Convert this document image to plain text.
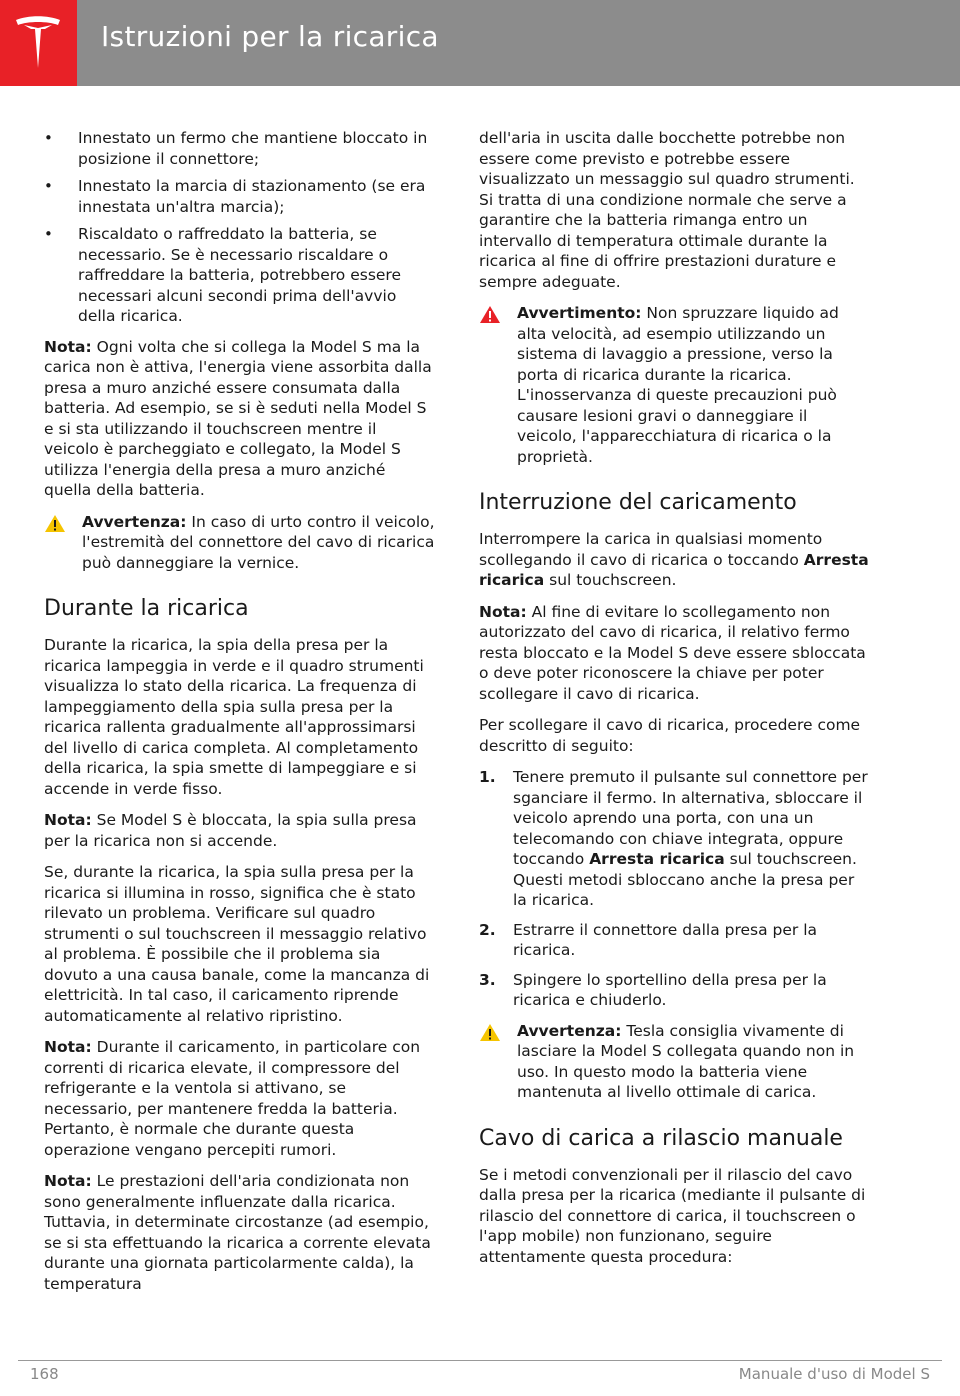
Istruzioni per la ricarica
• Innestato un fermo che mantiene bloccato in posizione il connettore;
• Innestato la marcia di stazionamento (se era innestata un'altra marcia);
• Riscaldato o raffreddato la batteria, se necessario. Se è necessario riscaldare o raffreddare la batteria, potrebbero essere necessari alcuni secondi prima dell'avvio della ricarica.

Nota: Ogni volta che si collega la Model S ma la carica non è attiva, l'energia viene assorbita dalla presa a muro anziché essere consumata dalla batteria. Ad esempio, se si è seduti nella Model S e si sta utilizzando il touchscreen mentre il veicolo è parcheggiato e collegato, la Model S utilizza l'energia della presa a muro anziché quella della batteria.

Avvertenza: In caso di urto contro il veicolo, l'estremità del connettore del cavo di ricarica può danneggiare la vernice.
Durante la ricarica

Durante la ricarica, la spia della presa per la ricarica lampeggia in verde e il quadro strumenti visualizza lo stato della ricarica. La frequenza di lampeggiamento della spia sulla presa per la ricarica rallenta gradualmente all'approssimarsi del livello di carica completa. Al completamento della ricarica, la spia smette di lampeggiare e si accende in verde fisso.

Nota: Se Model S è bloccata, la spia sulla presa per la ricarica non si accende.

Se, durante la ricarica, la spia sulla presa per la ricarica si illumina in rosso, significa che è stato rilevato un problema. Verificare sul quadro strumenti o sul touchscreen il messaggio relativo al problema. È possibile che il problema sia dovuto a una causa banale, come la mancanza di elettricità. In tal caso, il caricamento riprende automaticamente al relativo ripristino.

Nota: Durante il caricamento, in particolare con correnti di ricarica elevate, il compressore del refrigerante e la ventola si attivano, se necessario, per mantenere fredda la batteria. Pertanto, è normale che durante questa operazione vengano percepiti rumori.

Nota: Le prestazioni dell'aria condizionata non sono generalmente influenzate dalla ricarica. Tuttavia, in determinate circostanze (ad esempio, se si sta effettuando la ricarica a corrente elevata durante una giornata particolarmente calda), la temperatura

dell'aria in uscita dalle bocchette potrebbe non essere come previsto e potrebbe essere visualizzato un messaggio sul quadro strumenti. Si tratta di una condizione normale che serve a garantire che la batteria rimanga entro un intervallo di temperatura ottimale durante la ricarica al fine di offrire prestazioni durature e sempre adeguate.

Avvertimento: Non spruzzare liquido ad alta velocità, ad esempio utilizzando un sistema di lavaggio a pressione, verso la porta di ricarica durante la ricarica. L'inosservanza di queste precauzioni può causare lesioni gravi o danneggiare il veicolo, l'apparecchiatura di ricarica o la proprietà.
Interruzione del caricamento

Interrompere la carica in qualsiasi momento scollegando il cavo di ricarica o toccando Arresta ricarica sul touchscreen.

Nota: Al fine di evitare lo scollegamento non autorizzato del cavo di ricarica, il relativo fermo resta bloccato e la Model S deve essere sbloccata o deve poter riconoscere la chiave per poter scollegare il cavo di ricarica.

Per scollegare il cavo di ricarica, procedere come descritto di seguito:

1. Tenere premuto il pulsante sul connettore per sganciare il fermo. In alternativa, sbloccare il veicolo aprendo una porta, con una un telecomando con chiave integrata, oppure toccando Arresta ricarica sul touchscreen. Questi metodi sbloccano anche la presa per la ricarica.
2. Estrarre il connettore dalla presa per la ricarica.
3. Spingere lo sportellino della presa per la ricarica e chiuderlo.
Avvertenza: Tesla consiglia vivamente di lasciare la Model S collegata quando non in uso. In questo modo la batteria viene mantenuta al livello ottimale di carica.
Cavo di carica a rilascio manuale

Se i metodi convenzionali per il rilascio del cavo dalla presa per la ricarica (mediante il pulsante di rilascio del connettore di carica, il touchscreen o l'app mobile) non funzionano, seguire attentamente questa procedura:

168	Manuale d'uso di Model S
